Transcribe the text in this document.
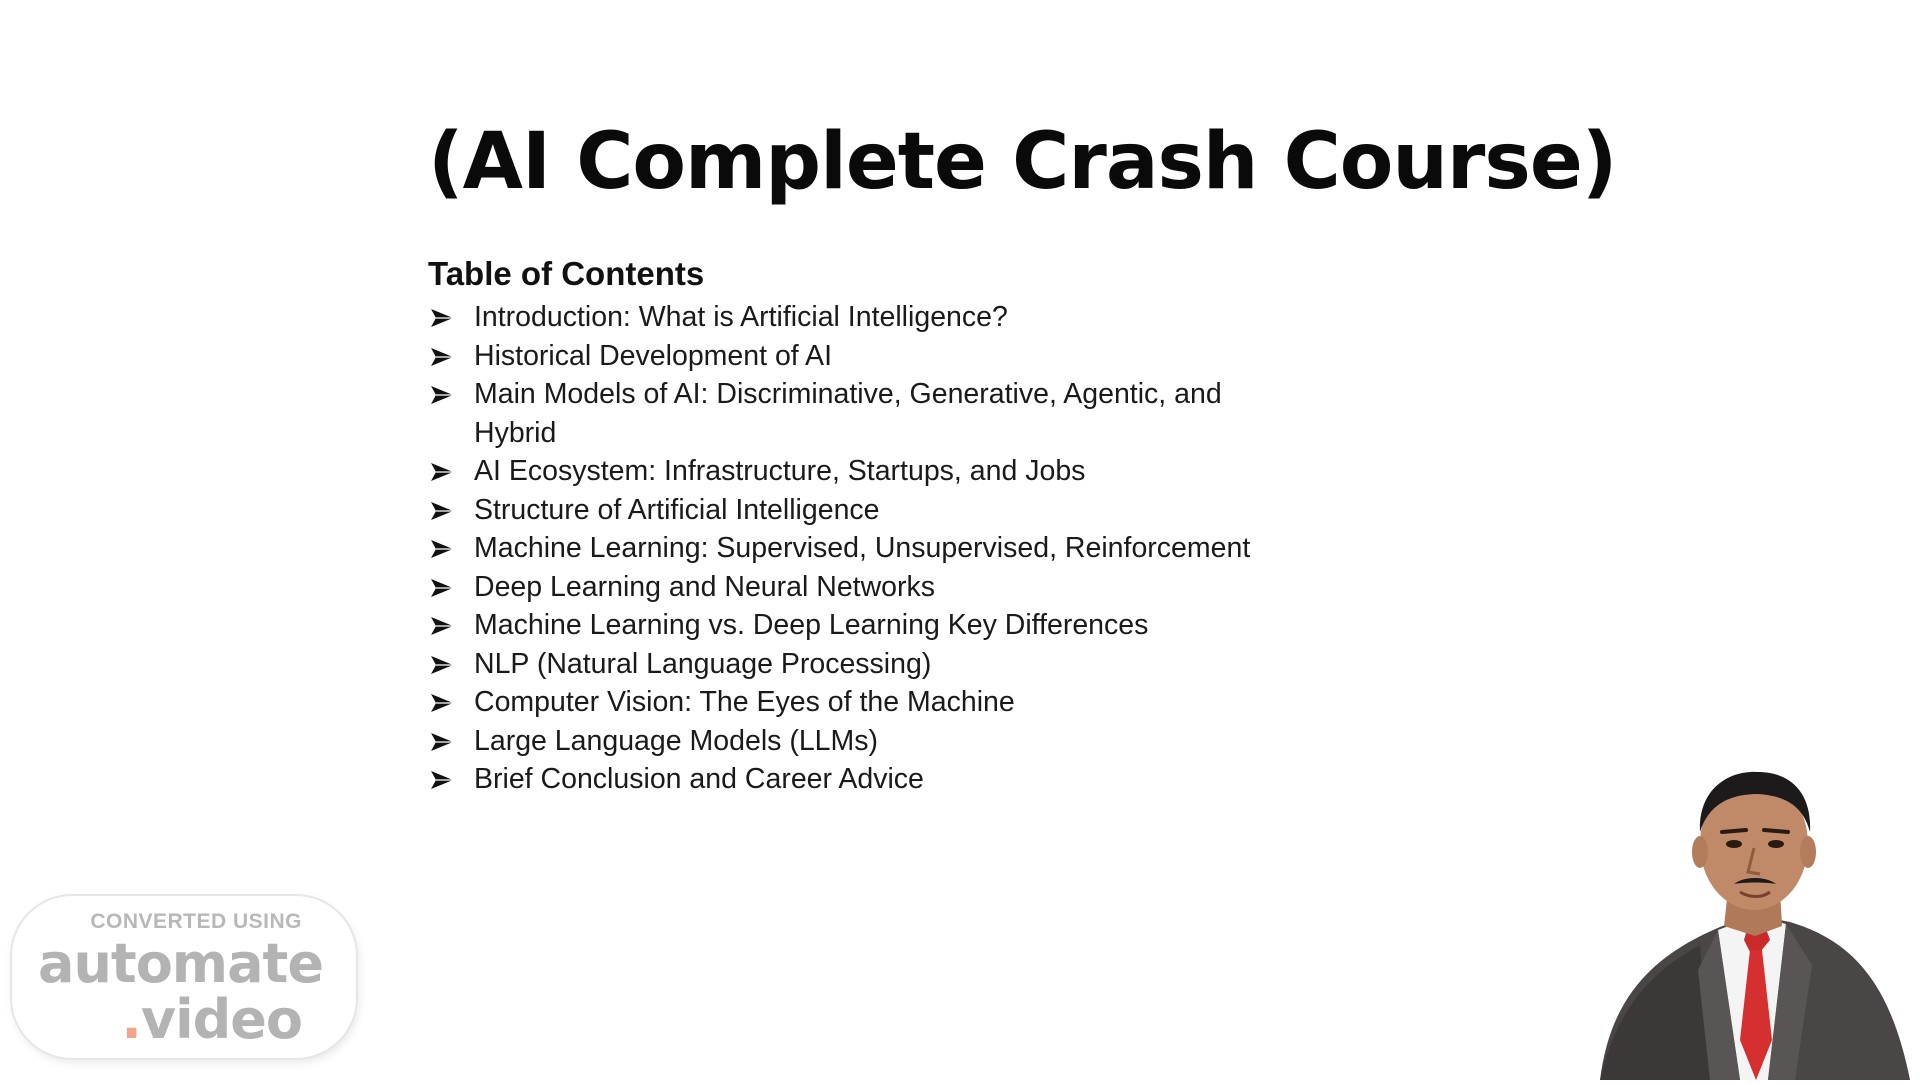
(AI Complete Crash Course)
Table of Contents
Introduction: What is Artificial Intelligence?
Historical Development of AI
Main Models of AI: Discriminative, Generative, Agentic, and Hybrid
AI Ecosystem: Infrastructure, Startups, and Jobs
Structure of Artificial Intelligence
Machine Learning: Supervised, Unsupervised, Reinforcement
Deep Learning and Neural Networks
Machine Learning vs. Deep Learning Key Differences
NLP (Natural Language Processing)
Computer Vision: The Eyes of the Machine
Large Language Models (LLMs)
Brief Conclusion and Career Advice
CONVERTED USING
automate
.video
